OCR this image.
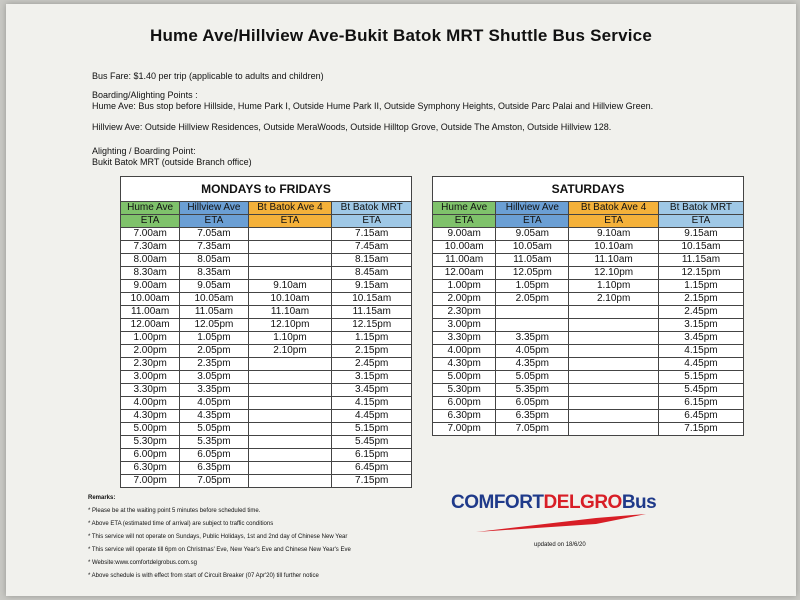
Hume Ave/Hillview Ave-Bukit Batok MRT Shuttle Bus Service
Bus Fare: $1.40 per trip (applicable to adults and children)
Boarding/Alighting Points :
Hume Ave: Bus stop before Hillside, Hume Park I, Outside Hume Park II, Outside Symphony Heights, Outside Parc Palai and Hillview Green.
Hillview Ave: Outside Hillview Residences, Outside MeraWoods, Outside Hilltop Grove, Outside The Amston, Outside Hillview 128.
Alighting / Boarding Point:
Bukit Batok MRT (outside Branch office)
MONDAYS to FRIDAYS			
Hume Ave	Hillview Ave	Bt Batok Ave 4	Bt Batok MRT
ETA	ETA	ETA	ETA
7.00am	7.05am		7.15am
7.30am	7.35am		7.45am
8.00am	8.05am		8.15am
8.30am	8.35am		8.45am
9.00am	9.05am	9.10am	9.15am
10.00am	10.05am	10.10am	10.15am
11.00am	11.05am	11.10am	11.15am
12.00am	12.05pm	12.10pm	12.15pm
1.00pm	1.05pm	1.10pm	1.15pm
2.00pm	2.05pm	2.10pm	2.15pm
2.30pm	2.35pm		2.45pm
3.00pm	3.05pm		3.15pm
3.30pm	3.35pm		3.45pm
4.00pm	4.05pm		4.15pm
4.30pm	4.35pm		4.45pm
5.00pm	5.05pm		5.15pm
5.30pm	5.35pm		5.45pm
6.00pm	6.05pm		6.15pm
6.30pm	6.35pm		6.45pm
7.00pm	7.05pm		7.15pm
SATURDAYS			
Hume Ave	Hillview Ave	Bt Batok Ave 4	Bt Batok MRT
ETA	ETA	ETA	ETA
9.00am	9.05am	9.10am	9.15am
10.00am	10.05am	10.10am	10.15am
11.00am	11.05am	11.10am	11.15am
12.00am	12.05pm	12.10pm	12.15pm
1.00pm	1.05pm	1.10pm	1.15pm
2.00pm	2.05pm	2.10pm	2.15pm
2.30pm			2.45pm
3.00pm			3.15pm
3.30pm	3.35pm		3.45pm
4.00pm	4.05pm		4.15pm
4.30pm	4.35pm		4.45pm
5.00pm	5.05pm		5.15pm
5.30pm	5.35pm		5.45pm
6.00pm	6.05pm		6.15pm
6.30pm	6.35pm		6.45pm
7.00pm	7.05pm		7.15pm
Remarks:
* Please be at the waiting point 5 minutes before scheduled time.
* Above ETA (estimated time of arrival) are subject to traffic conditions
* This service will not operate on Sundays, Public Holidays, 1st and 2nd day of Chinese New Year
* This service will operate till 6pm on Christmas' Eve, New Year's Eve and Chinese New Year's Eve
* Website:www.comfortdelgrobus.com.sg
* Above schedule is with effect from start of Circuit Breaker (07 Apr'20) till further notice
COMFORTDELGROBus
updated on 18/6/20
